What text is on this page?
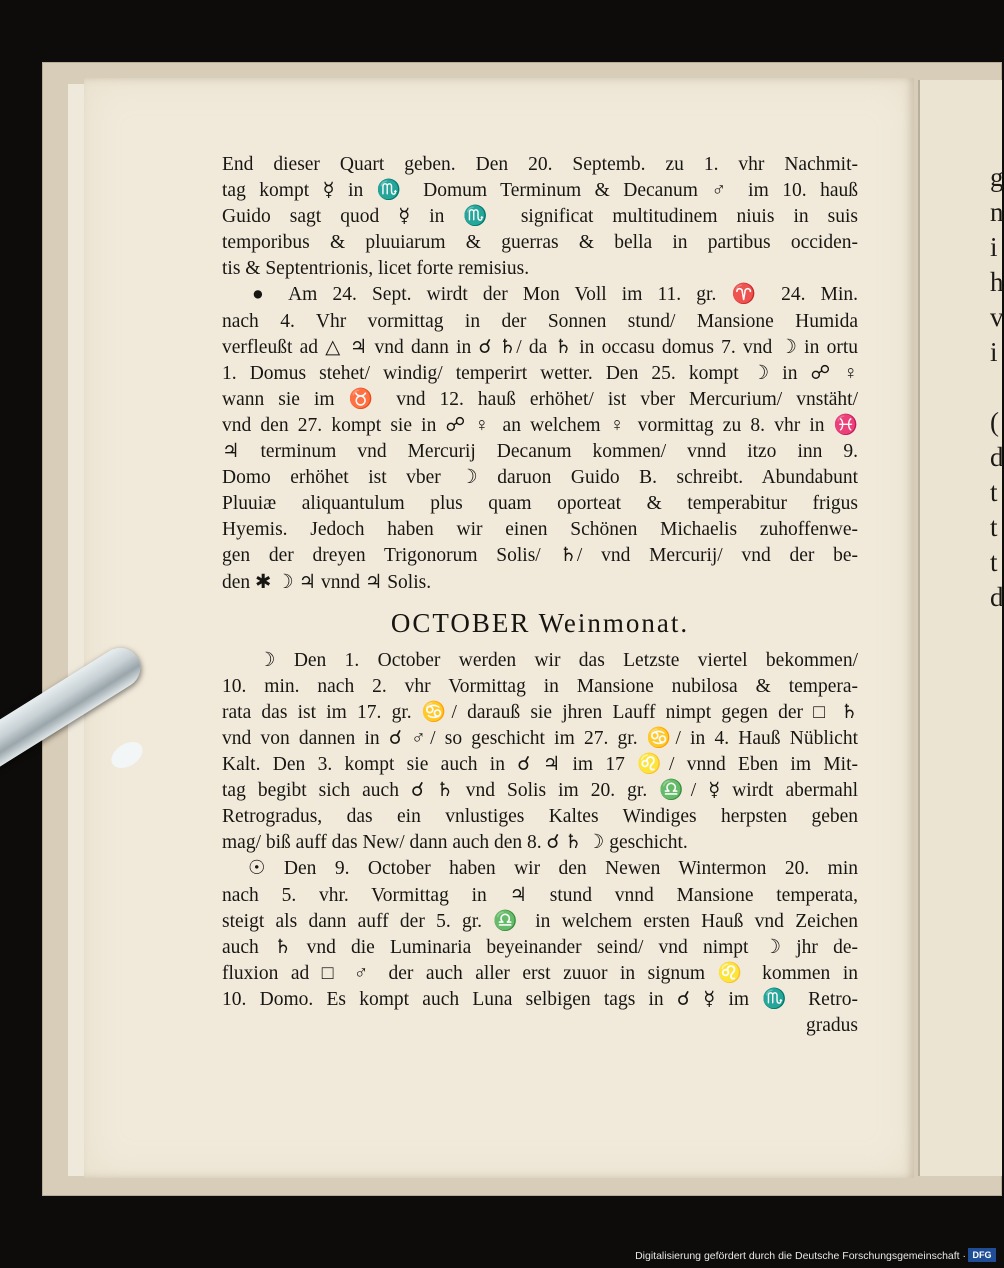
g
n
i
h
v
i
(
d
t
t
t
d
End dieser Quart geben. Den 20. Septemb. zu 1. vhr Nachmit-
tag kompt ☿ in ♏ Domum Terminum & Decanum ♂ im 10. hauß
Guido sagt quod ☿ in ♏ significat multitudinem niuis in suis
temporibus & pluuiarum & guerras & bella in partibus occiden-
tis & Septentrionis, licet forte remisius.
● Am 24. Sept. wirdt der Mon Voll im 11. gr. ♈ 24. Min.
nach 4. Vhr vormittag in der Sonnen stund/ Mansione Humida
verfleußt ad △ ♃ vnd dann in ☌ ♄/ da ♄ in occasu domus 7. vnd ☽ in ortu
1. Domus stehet/ windig/ temperirt wetter. Den 25. kompt ☽ in ☍ ♀
wann sie im ♉ vnd 12. hauß erhöhet/ ist vber Mercurium/ vnstäht/
vnd den 27. kompt sie in ☍ ♀ an welchem ♀ vormittag zu 8. vhr in ♓
♃ terminum vnd Mercurij Decanum kommen/ vnnd itzo inn 9.
Domo erhöhet ist vber ☽ daruon Guido B. schreibt. Abundabunt
Pluuiæ aliquantulum plus quam oporteat & temperabitur frigus
Hyemis. Jedoch haben wir einen Schönen Michaelis zuhoffenwe-
gen der dreyen Trigonorum Solis/ ♄/ vnd Mercurij/ vnd der be-
den ✱ ☽ ♃ vnnd ♃ Solis.
OCTOBER Weinmonat.
☽ Den 1. October werden wir das Letzste viertel bekommen/
10. min. nach 2. vhr Vormittag in Mansione nubilosa & tempera-
rata das ist im 17. gr. ♋/ darauß sie jhren Lauff nimpt gegen der □ ♄
vnd von dannen in ☌ ♂/ so geschicht im 27. gr. ♋/ in 4. Hauß Nüblicht
Kalt. Den 3. kompt sie auch in ☌ ♃ im 17 ♌/ vnnd Eben im Mit-
tag begibt sich auch ☌ ♄ vnd Solis im 20. gr. ♎/ ☿ wirdt abermahl
Retrogradus, das ein vnlustiges Kaltes Windiges herpsten geben
mag/ biß auff das New/ dann auch den 8. ☌ ♄ ☽ geschicht.
☉ Den 9. October haben wir den Newen Wintermon 20. min
nach 5. vhr. Vormittag in ♃ stund vnnd Mansione temperata,
steigt als dann auff der 5. gr. ♎ in welchem ersten Hauß vnd Zeichen
auch ♄ vnd die Luminaria beyeinander seind/ vnd nimpt ☽ jhr de-
fluxion ad □ ♂ der auch aller erst zuuor in signum ♌ kommen in
10. Domo. Es kompt auch Luna selbigen tags in ☌ ☿ im ♏ Retro-
gradus
Digitalisierung gefördert durch die Deutsche Forschungsgemeinschaft · DFG
